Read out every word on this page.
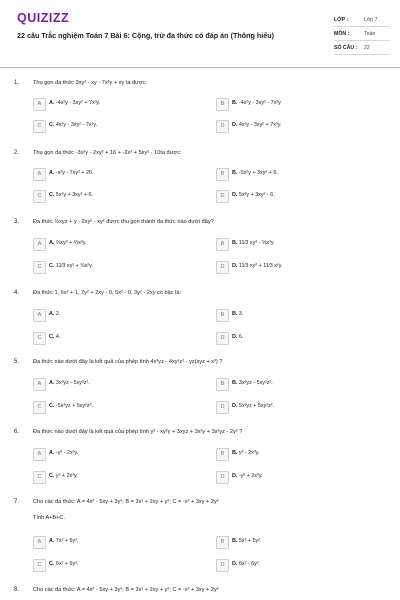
QUIZIZZ
22 câu Trắc nghiệm Toán 7 Bài 6: Cộng, trừ đa thức có đáp án (Thông hiểu)
LỚP :	Lớp 7
MÔN :	Toán
SỐ CÂU : 22
1. Thu gọn đa thức 3xy² - xy - 7x²y + xy ta được
A	A. -4x²y - 3xy² + 7x³y.	B	B. -4x²y - 3xy² - 7x³y.
C	C. 4x²y - 3xy² - 7x³y.	D	D. 4x²y - 3xy² + 7x³y.
2. Thu gọn đa thức -3x²y - 2xy² + 16 + -2x² + 5xy² - 10ta được:
A	A. -x²y - 7xy² + 26.	B	B. -5x²y + 3xy² + 6.
C	C. 5x²y + 3xy² + 6.	D	D. 5x²y + 3xy² - 6.
3. Đa thức ½xyz + y - 2xy² - xy² được thu gọn thành đa thức nào dưới đây?
A	A. ⅔xy³ + ⅔x³y.	B	B. 11⁄3 xy³ - ⅔x³y.
C	C. 11⁄3 xy² + ⅔x²y.	D	D. 11⁄3 xy² + 11⁄3 x²y.
4. Đa thức 1, 6x² + 1, 7y² + 2xy - 0, 5x² - 0, 3y² - 2xy có bậc là:
A	A. 2.	B	B. 3.
C	C. 4.	D	D. 6.
5. Đa thức nào dưới đây là kết quả của phép tính 4x³yz - 4xy²z² - yz(xyz + x³) ?
A	A. 3x³yz - 5xy²z².	B	B. 3x³yz - 5xy²z².
C	C. -5x³yz + 5xy²z².	D	D. 5x³yz + 5xy²z².
6. Đa thức nào dưới đây là kết quả của phép tính y³ - xy²y + 3xyz + 3x³y + 3x²yz - 2y² ?
A	A. -y³ - 2x³y.	B	B. y³ - 2x³y.
C	C. y³ + 2x³y.	D	D. -y³ + 2x³y.
7. Cho các đa thức: A = 4x² - 5xy + 3y²; B = 3x² + 2xy + y²; C = -x² + 3xy + 2y²
Tính A+B+C.
A	A. 7x² + 5y².	B	B. 5x² + 5y².
C	C. 6x² + 6y².	D	D. 6x² - 6y².
8. Cho các đa thức: A = 4x² - 5xy + 3y²; B = 3x² + 2xy + y²; C = -x² + 3xy + 2y²
